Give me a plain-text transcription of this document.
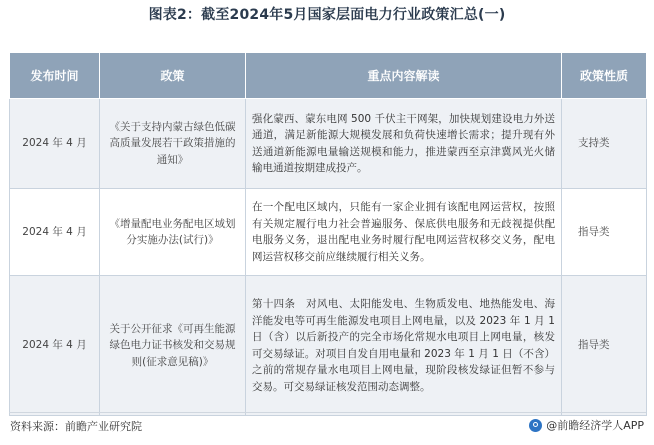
图表2：截至2024年5月国家层面电力行业政策汇总(一)
发布时间	政策	重点内容解读	政策性质
2024 年 4 月	《关于支持内蒙古绿色低碳高质量发展若干政策措施的通知》	强化蒙西、蒙东电网 500 千伏主干网架，加快规划建设电力外送通道，满足新能源大规模发展和负荷快速增长需求；提升现有外送通道新能源电量输送规模和能力，推进蒙西至京津冀风光火储输电通道按期建成投产。	支持类
2024 年 4 月	《增量配电业务配电区域划分实施办法(试行)》	在一个配电区域内，只能有一家企业拥有该配电网运营权，按照有关规定履行电力社会普遍服务、保底供电服务和无歧视提供配电服务义务，退出配电业务时履行配电网运营权移交义务，配电网运营权移交前应继续履行相关义务。	指导类
2024 年 4 月	关于公开征求《可再生能源绿色电力证书核发和交易规则(征求意见稿)》	第十四条　对风电、太阳能发电、生物质发电、地热能发电、海洋能发电等可再生能源发电项目上网电量，以及 2023 年 1 月 1 日（含）以后新投产的完全市场化常规水电项目上网电量，核发可交易绿证。对项目自发自用电量和 2023 年 1 月 1 日（不含）之前的常规存量水电项目上网电量，现阶段核发绿证但暂不参与交易。可交易绿证核发范围动态调整。	指导类
资料来源：前瞻产业研究院	@前瞻经济学人APP
